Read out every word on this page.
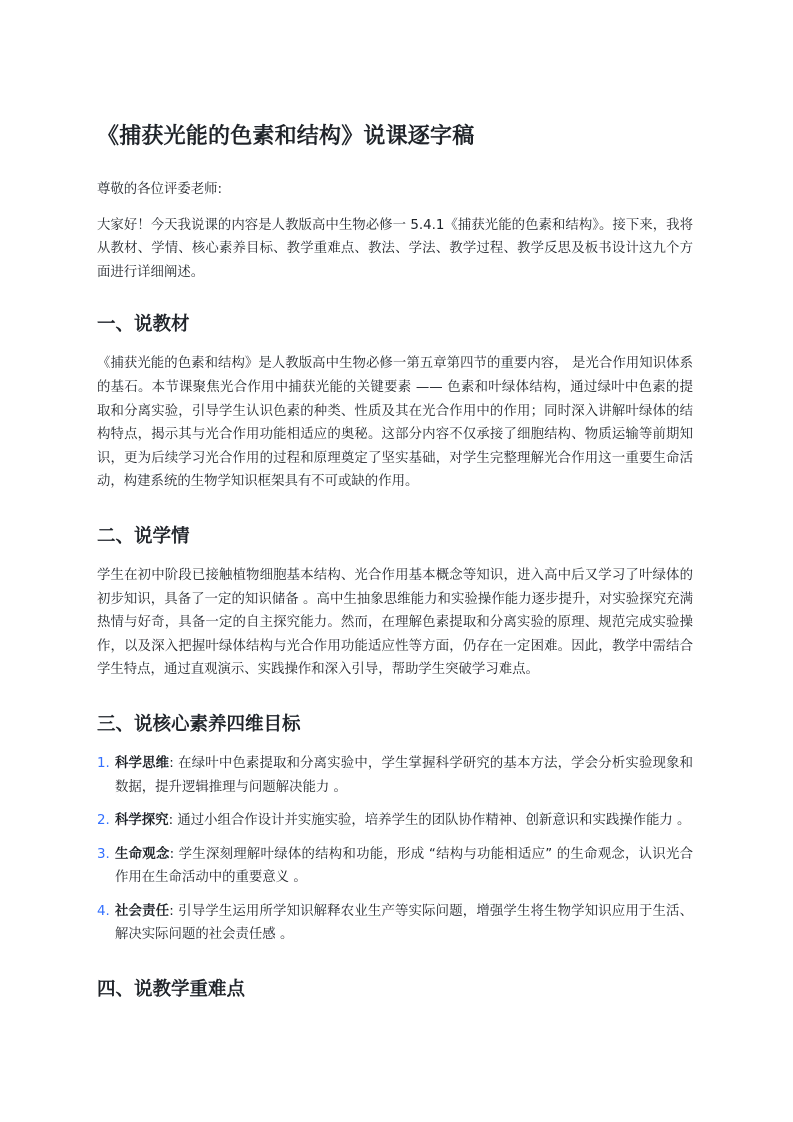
《捕获光能的色素和结构》说课逐字稿

尊敬的各位评委老师:

大家好！今天我说课的内容是人教版高中生物必修一 5.4.1《捕获光能的色素和结构》。接下来，我将从教材、学情、核心素养目标、教学重难点、教法、学法、教学过程、教学反思及板书设计这九个方面进行详细阐述。

一、说教材

《捕获光能的色素和结构》是人教版高中生物必修一第五章第四节的重要内容， 是光合作用知识体系的基石。本节课聚焦光合作用中捕获光能的关键要素 —— 色素和叶绿体结构，通过绿叶中色素的提取和分离实验，引导学生认识色素的种类、性质及其在光合作用中的作用；同时深入讲解叶绿体的结构特点，揭示其与光合作用功能相适应的奥秘。这部分内容不仅承接了细胞结构、物质运输等前期知识，更为后续学习光合作用的过程和原理奠定了坚实基础，对学生完整理解光合作用这一重要生命活动，构建系统的生物学知识框架具有不可或缺的作用。

二、说学情

学生在初中阶段已接触植物细胞基本结构、光合作用基本概念等知识，进入高中后又学习了叶绿体的初步知识，具备了一定的知识储备 。高中生抽象思维能力和实验操作能力逐步提升，对实验探究充满热情与好奇，具备一定的自主探究能力。然而，在理解色素提取和分离实验的原理、规范完成实验操作，以及深入把握叶绿体结构与光合作用功能适应性等方面，仍存在一定困难。因此，教学中需结合学生特点，通过直观演示、实践操作和深入引导，帮助学生突破学习难点。

三、说核心素养四维目标
1. 科学思维: 在绿叶中色素提取和分离实验中，学生掌握科学研究的基本方法，学会分析实验现象和数据，提升逻辑推理与问题解决能力 。
2. 科学探究: 通过小组合作设计并实施实验，培养学生的团队协作精神、创新意识和实践操作能力 。
3. 生命观念: 学生深刻理解叶绿体的结构和功能，形成 “结构与功能相适应” 的生命观念，认识光合作用在生命活动中的重要意义 。
4. 社会责任: 引导学生运用所学知识解释农业生产等实际问题，增强学生将生物学知识应用于生活、解决实际问题的社会责任感 。
四、说教学重难点
